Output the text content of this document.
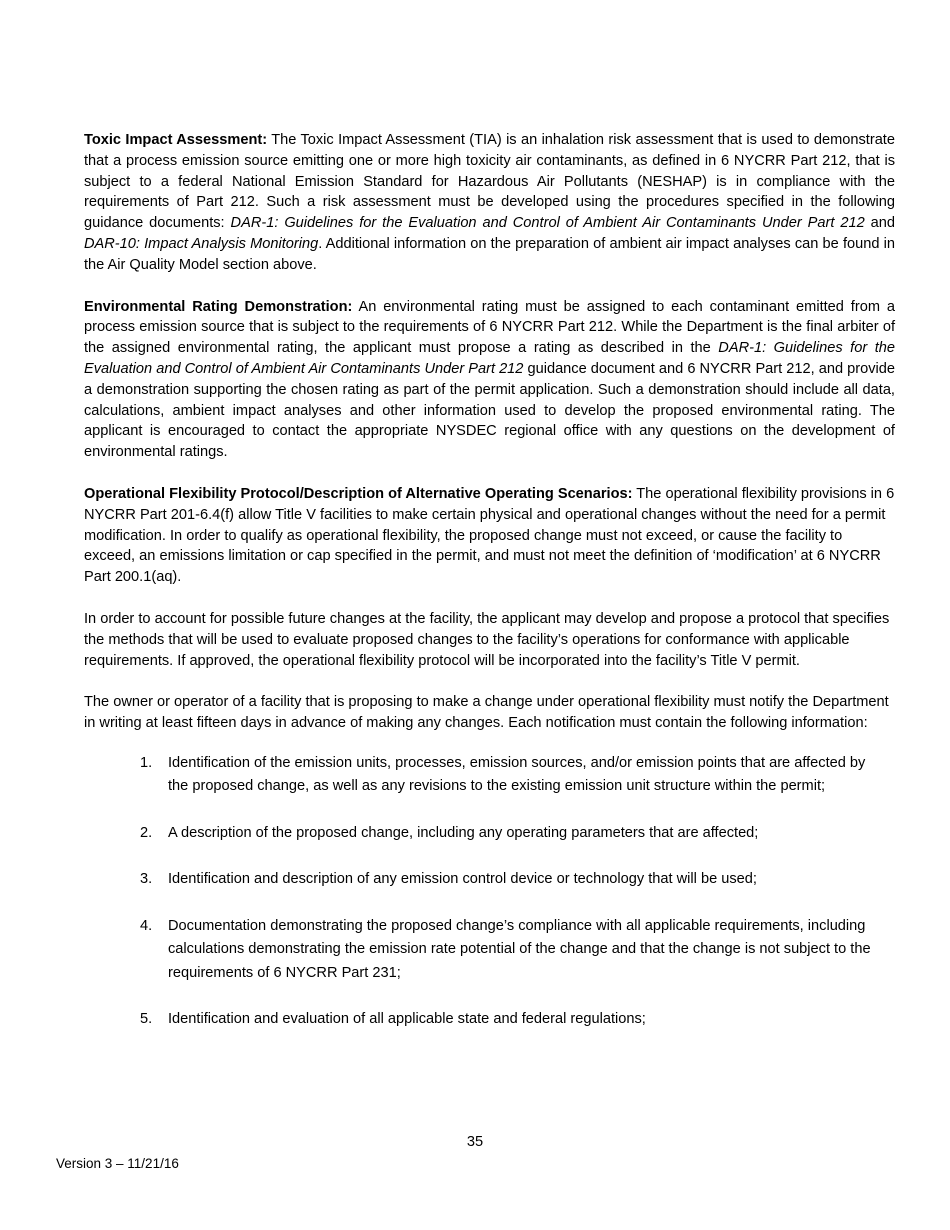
Toxic Impact Assessment: The Toxic Impact Assessment (TIA) is an inhalation risk assessment that is used to demonstrate that a process emission source emitting one or more high toxicity air contaminants, as defined in 6 NYCRR Part 212, that is subject to a federal National Emission Standard for Hazardous Air Pollutants (NESHAP) is in compliance with the requirements of Part 212. Such a risk assessment must be developed using the procedures specified in the following guidance documents: DAR-1: Guidelines for the Evaluation and Control of Ambient Air Contaminants Under Part 212 and DAR-10: Impact Analysis Monitoring. Additional information on the preparation of ambient air impact analyses can be found in the Air Quality Model section above.

Environmental Rating Demonstration: An environmental rating must be assigned to each contaminant emitted from a process emission source that is subject to the requirements of 6 NYCRR Part 212. While the Department is the final arbiter of the assigned environmental rating, the applicant must propose a rating as described in the DAR-1: Guidelines for the Evaluation and Control of Ambient Air Contaminants Under Part 212 guidance document and 6 NYCRR Part 212, and provide a demonstration supporting the chosen rating as part of the permit application. Such a demonstration should include all data, calculations, ambient impact analyses and other information used to develop the proposed environmental rating. The applicant is encouraged to contact the appropriate NYSDEC regional office with any questions on the development of environmental ratings.

Operational Flexibility Protocol/Description of Alternative Operating Scenarios: The operational flexibility provisions in 6 NYCRR Part 201-6.4(f) allow Title V facilities to make certain physical and operational changes without the need for a permit modification. In order to qualify as operational flexibility, the proposed change must not exceed, or cause the facility to exceed, an emissions limitation or cap specified in the permit, and must not meet the definition of ‘modification’ at 6 NYCRR Part 200.1(aq).

In order to account for possible future changes at the facility, the applicant may develop and propose a protocol that specifies the methods that will be used to evaluate proposed changes to the facility’s operations for conformance with applicable requirements. If approved, the operational flexibility protocol will be incorporated into the facility’s Title V permit.

The owner or operator of a facility that is proposing to make a change under operational flexibility must notify the Department in writing at least fifteen days in advance of making any changes. Each notification must contain the following information:

1.	Identification of the emission units, processes, emission sources, and/or emission points that are affected by the proposed change, as well as any revisions to the existing emission unit structure within the permit;
2.	A description of the proposed change, including any operating parameters that are affected;
3.	Identification and description of any emission control device or technology that will be used;
4.	Documentation demonstrating the proposed change’s compliance with all applicable requirements, including calculations demonstrating the emission rate potential of the change and that the change is not subject to the requirements of 6 NYCRR Part 231;
5.	Identification and evaluation of all applicable state and federal regulations;
35
Version 3 – 11/21/16
